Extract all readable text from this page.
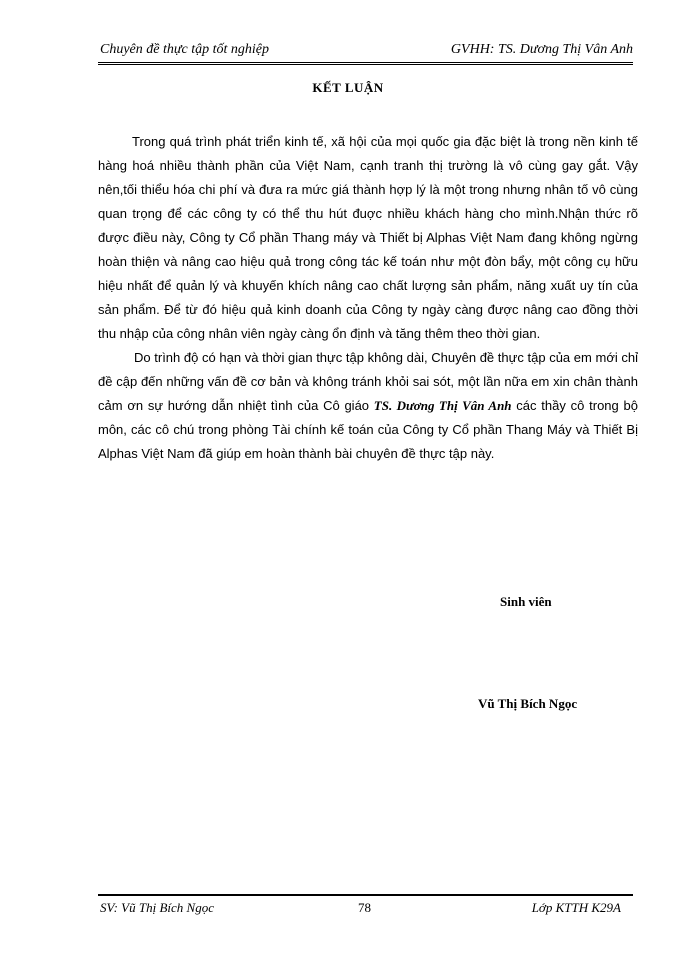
Chuyên đề thực tập tốt nghiệp	GVHH: TS. Dương Thị Vân Anh
KẾT LUẬN

Trong quá trình phát triển kinh tế, xã hội của mọi quốc gia đặc biệt là trong nền kinh tế hàng hoá nhiều thành phần của Việt Nam, cạnh tranh thị trường là vô cùng gay gắt. Vậy nên,tối thiểu hóa chi phí và đưa ra mức giá thành hợp lý là một trong nhưng nhân tố vô cùng quan trọng để các công ty có thể thu hút đuợc nhiều khách hàng cho mình.Nhận thức rõ được điều này, Công ty Cổ phần Thang máy và Thiết bị Alphas Việt Nam đang không ngừng hoàn thiện và nâng cao hiệu quả trong công tác kế toán như một đòn bẩy, một công cụ hữu hiệu nhất để quản lý và khuyến khích nâng cao chất lượng sản phẩm, năng xuất uy tín của sản phẩm. Để từ đó hiệu quả kinh doanh của Công ty ngày càng được nâng cao đồng thời thu nhập của công nhân viên ngày càng ổn định và tăng thêm theo thời gian.

Do trình độ có hạn và thời gian thực tập không dài, Chuyên đề thực tập của em mới chỉ đề cập đến những vấn đề cơ bản và không tránh khỏi sai sót, một lần nữa em xin chân thành cảm ơn sự hướng dẫn nhiệt tình của Cô giáo TS. Dương Thị Vân Anh các thầy cô trong bộ môn, các cô chú trong phòng Tài chính kế toán của Công ty Cổ phần Thang Máy và Thiết Bị Alphas Việt Nam đã giúp em hoàn thành bài chuyên đề thực tập này.

Sinh viên
Vũ Thị Bích Ngọc
SV: Vũ Thị Bích Ngọc	78	Lớp KTTH K29A
